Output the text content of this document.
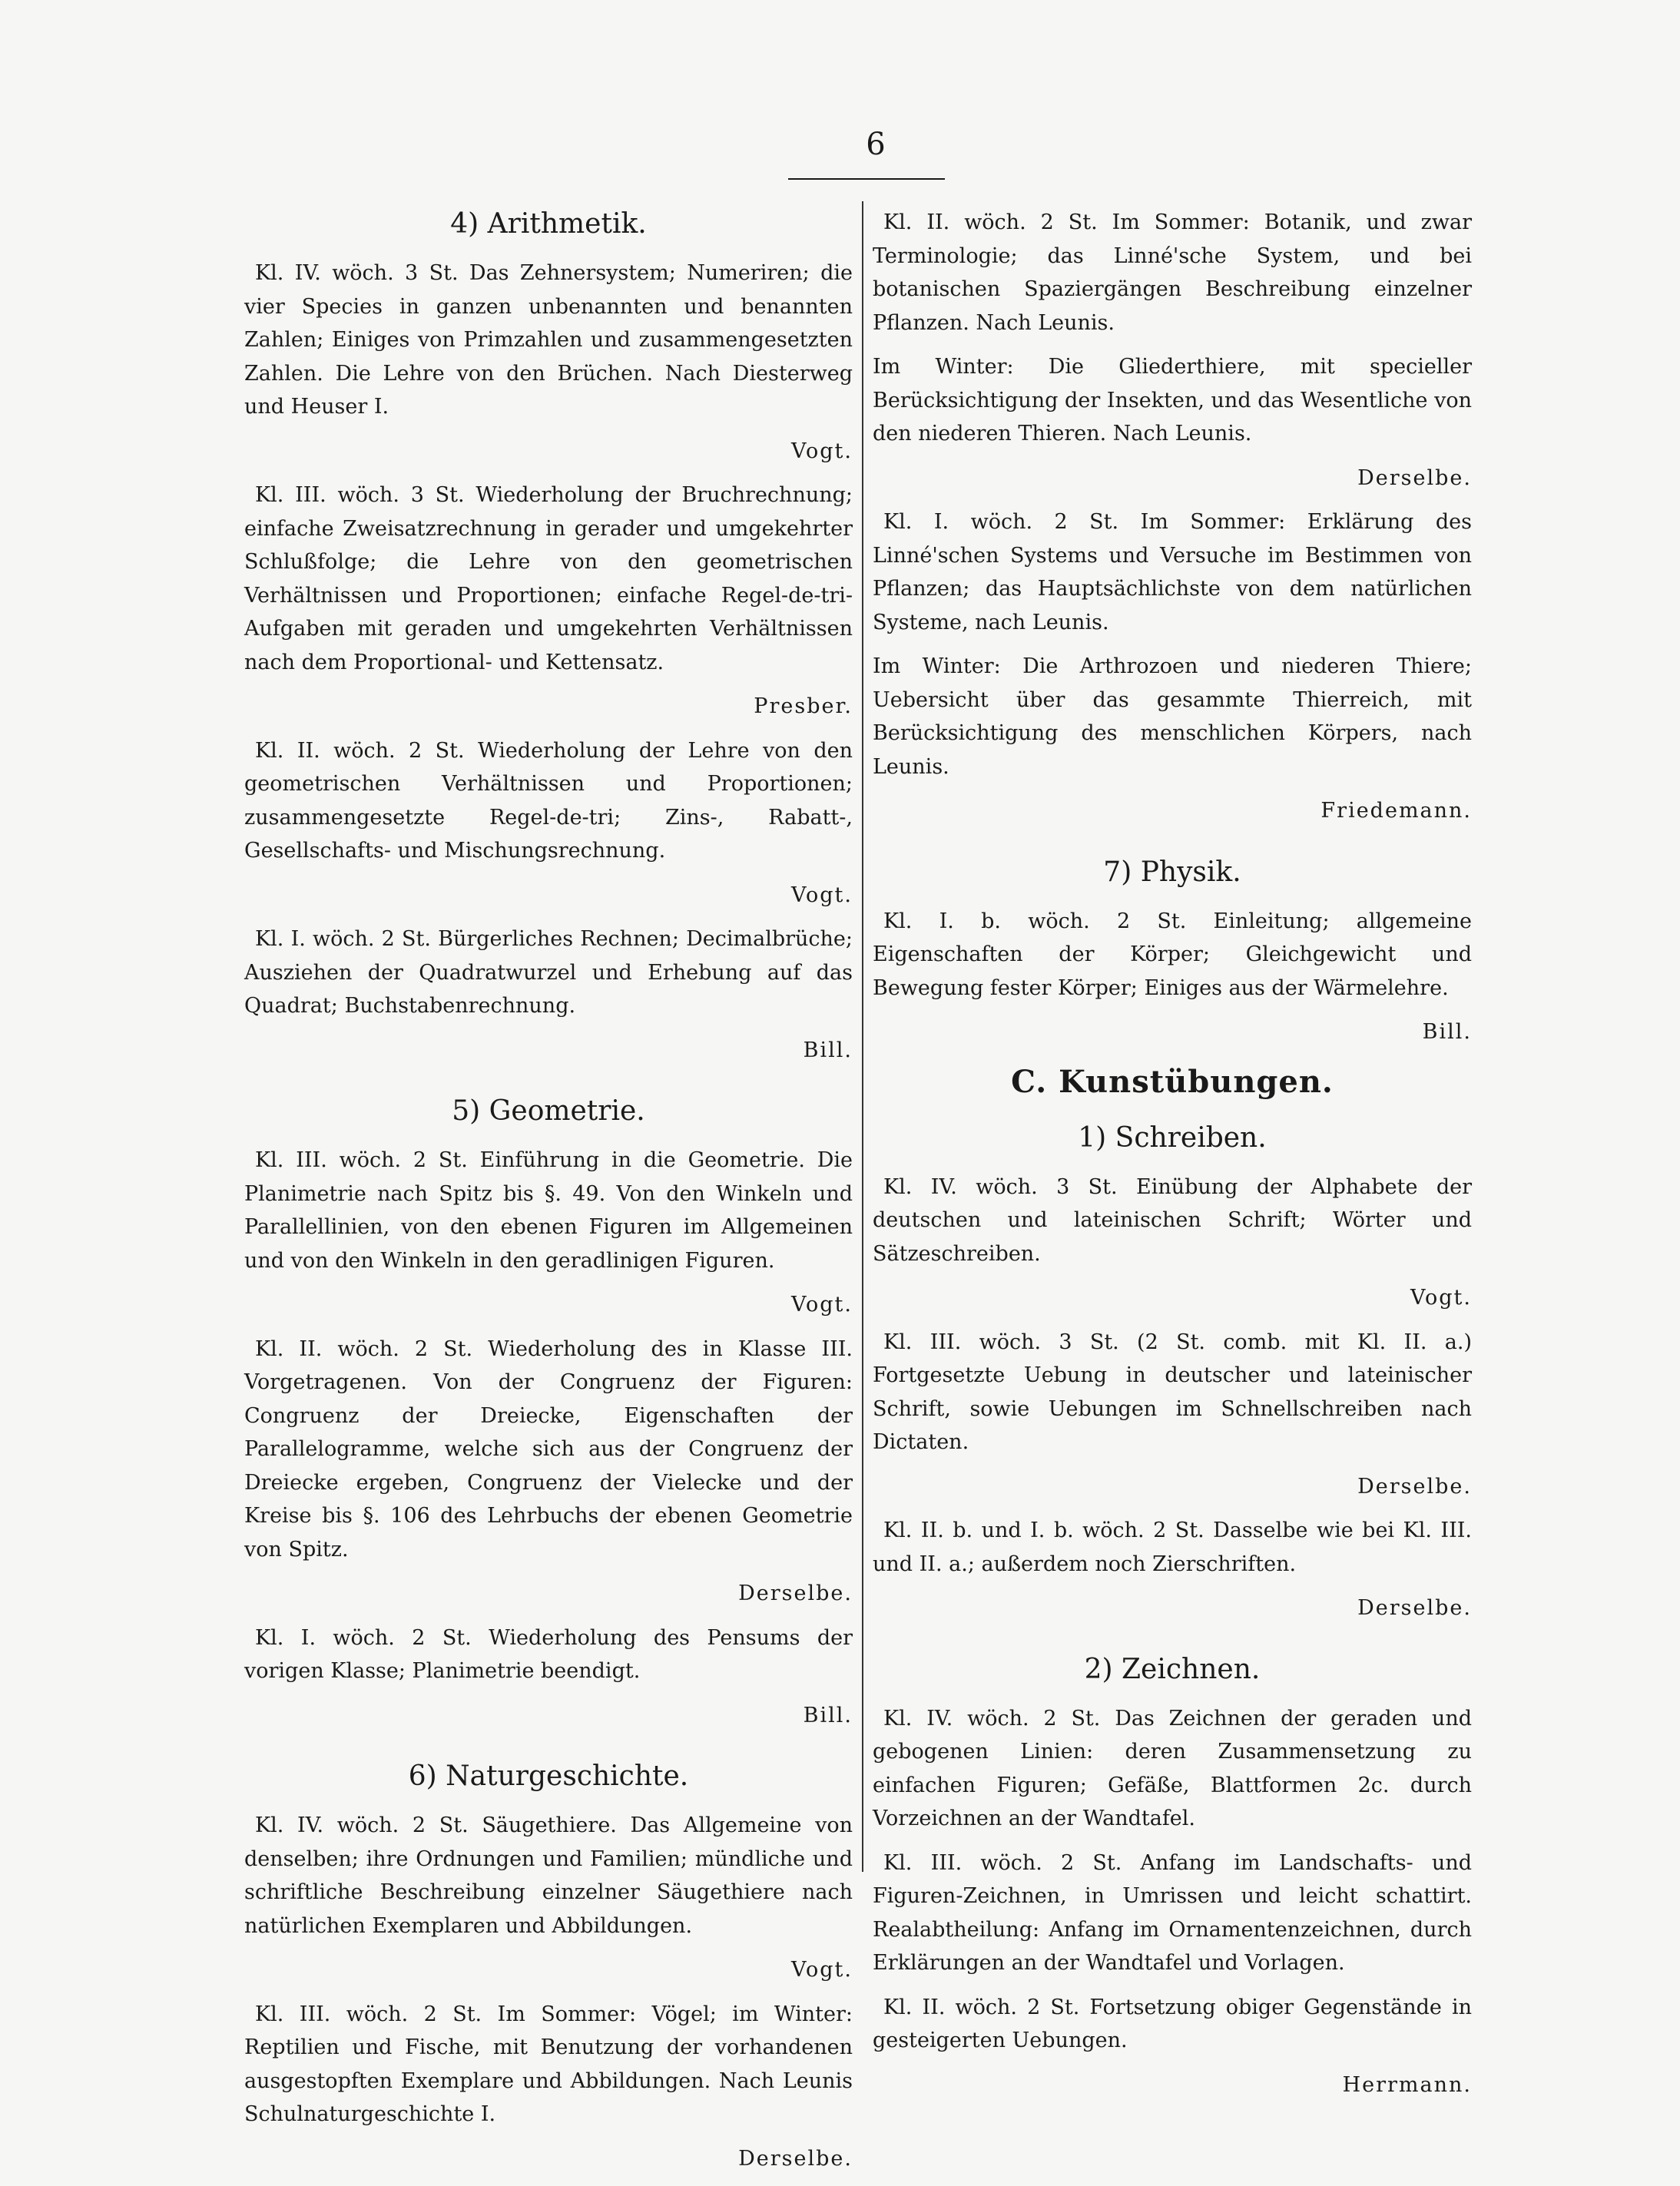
6
4) Arithmetik.

Kl. IV. wöch. 3 St. Das Zehnersystem; Numeriren; die vier Species in ganzen unbenannten und benannten Zahlen; Einiges von Primzahlen und zusammengesetzten Zahlen. Die Lehre von den Brüchen. Nach Diesterweg und Heuser I.

Vogt.

Kl. III. wöch. 3 St. Wiederholung der Bruchrechnung; einfache Zweisatzrechnung in gerader und umgekehrter Schlußfolge; die Lehre von den geometrischen Verhältnissen und Proportionen; einfache Regel-de-tri-Aufgaben mit geraden und umgekehrten Verhältnissen nach dem Proportional- und Kettensatz.

Presber.

Kl. II. wöch. 2 St. Wiederholung der Lehre von den geometrischen Verhältnissen und Proportionen; zusammengesetzte Regel-de-tri; Zins-, Rabatt-, Gesellschafts- und Mischungsrechnung.

Vogt.

Kl. I. wöch. 2 St. Bürgerliches Rechnen; Decimalbrüche; Ausziehen der Quadratwurzel und Erhebung auf das Quadrat; Buchstabenrechnung.

Bill.
5) Geometrie.

Kl. III. wöch. 2 St. Einführung in die Geometrie. Die Planimetrie nach Spitz bis §. 49. Von den Winkeln und Parallellinien, von den ebenen Figuren im Allgemeinen und von den Winkeln in den geradlinigen Figuren.

Vogt.

Kl. II. wöch. 2 St. Wiederholung des in Klasse III. Vorgetragenen. Von der Congruenz der Figuren: Congruenz der Dreiecke, Eigenschaften der Parallelogramme, welche sich aus der Congruenz der Dreiecke ergeben, Congruenz der Vielecke und der Kreise bis §. 106 des Lehrbuchs der ebenen Geometrie von Spitz.

Derselbe.

Kl. I. wöch. 2 St. Wiederholung des Pensums der vorigen Klasse; Planimetrie beendigt.

Bill.
6) Naturgeschichte.

Kl. IV. wöch. 2 St. Säugethiere. Das Allgemeine von denselben; ihre Ordnungen und Familien; mündliche und schriftliche Beschreibung einzelner Säugethiere nach natürlichen Exemplaren und Abbildungen.

Vogt.

Kl. III. wöch. 2 St. Im Sommer: Vögel; im Winter: Reptilien und Fische, mit Benutzung der vorhandenen ausgestopften Exemplare und Abbildungen. Nach Leunis Schulnaturgeschichte I.

Derselbe.

Kl. II. wöch. 2 St. Im Sommer: Botanik, und zwar Terminologie; das Linné'sche System, und bei botanischen Spaziergängen Beschreibung einzelner Pflanzen. Nach Leunis.

Im Winter: Die Gliederthiere, mit specieller Berücksichtigung der Insekten, und das Wesentliche von den niederen Thieren. Nach Leunis.

Derselbe.

Kl. I. wöch. 2 St. Im Sommer: Erklärung des Linné'schen Systems und Versuche im Bestimmen von Pflanzen; das Hauptsächlichste von dem natürlichen Systeme, nach Leunis.

Im Winter: Die Arthrozoen und niederen Thiere; Uebersicht über das gesammte Thierreich, mit Berücksichtigung des menschlichen Körpers, nach Leunis.

Friedemann.
7) Physik.

Kl. I. b. wöch. 2 St. Einleitung; allgemeine Eigenschaften der Körper; Gleichgewicht und Bewegung fester Körper; Einiges aus der Wärmelehre.

Bill.
C. Kunstübungen.
1) Schreiben.

Kl. IV. wöch. 3 St. Einübung der Alphabete der deutschen und lateinischen Schrift; Wörter und Sätzeschreiben.

Vogt.

Kl. III. wöch. 3 St. (2 St. comb. mit Kl. II. a.) Fortgesetzte Uebung in deutscher und lateinischer Schrift, sowie Uebungen im Schnellschreiben nach Dictaten.

Derselbe.

Kl. II. b. und I. b. wöch. 2 St. Dasselbe wie bei Kl. III. und II. a.; außerdem noch Zierschriften.

Derselbe.
2) Zeichnen.

Kl. IV. wöch. 2 St. Das Zeichnen der geraden und gebogenen Linien: deren Zusammensetzung zu einfachen Figuren; Gefäße, Blattformen 2c. durch Vorzeichnen an der Wandtafel.

Kl. III. wöch. 2 St. Anfang im Landschafts- und Figuren-Zeichnen, in Umrissen und leicht schattirt. Realabtheilung: Anfang im Ornamentenzeichnen, durch Erklärungen an der Wandtafel und Vorlagen.

Kl. II. wöch. 2 St. Fortsetzung obiger Gegenstände in gesteigerten Uebungen.

Herrmann.
